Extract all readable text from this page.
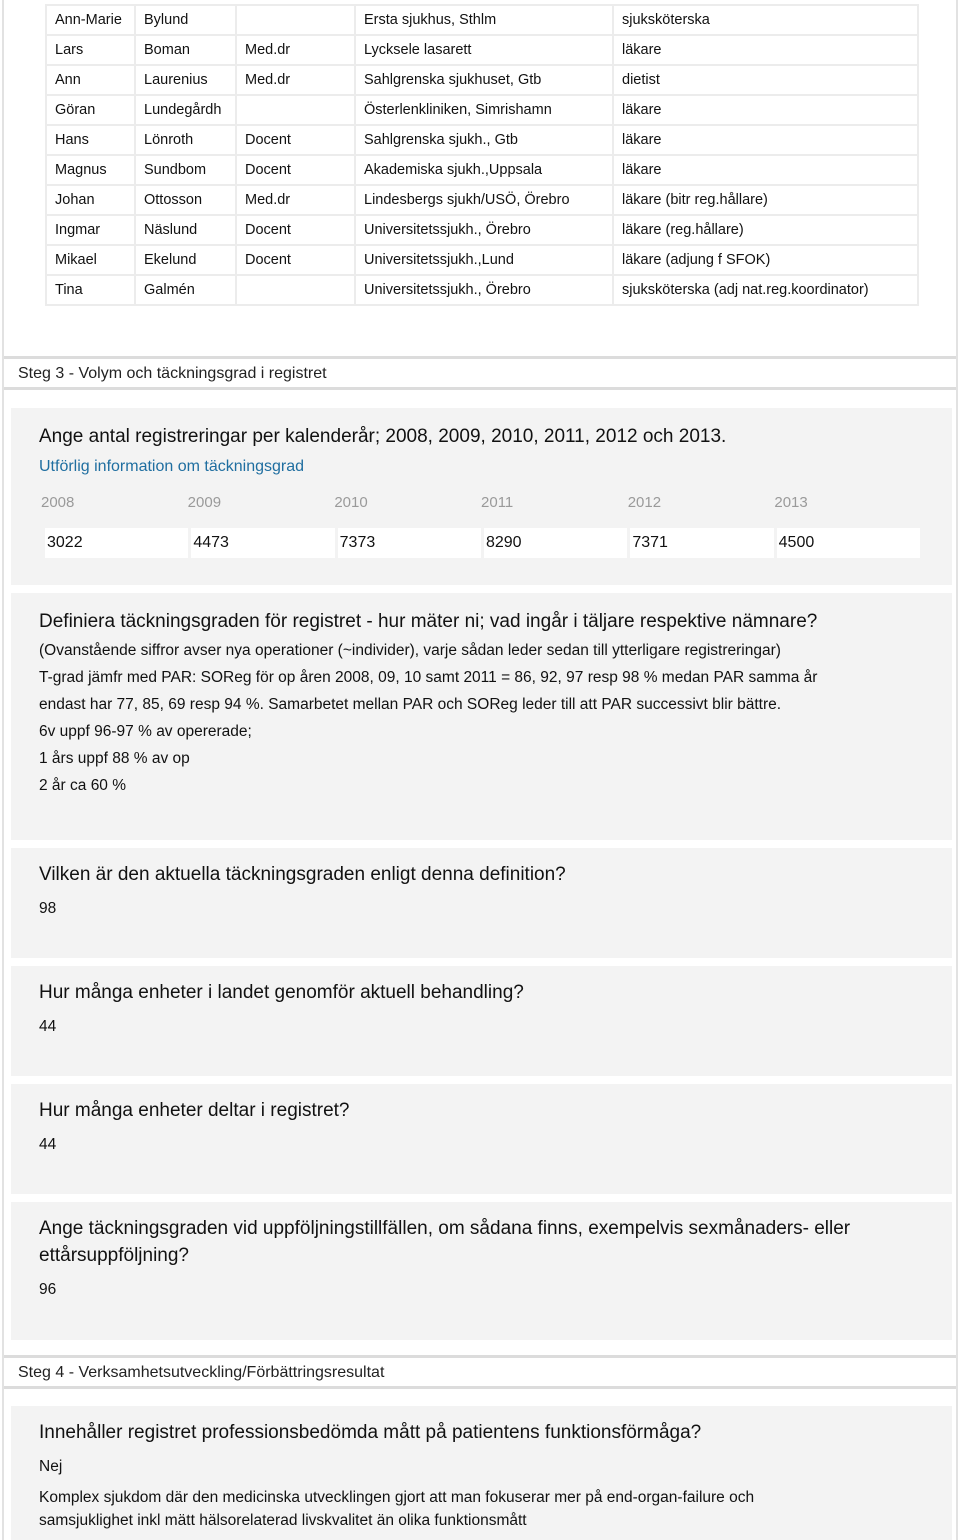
Ann-Marie	Bylund		Ersta sjukhus, Sthlm	sjuksköterska
Lars	Boman	Med.dr	Lycksele lasarett	läkare
Ann	Laurenius	Med.dr	Sahlgrenska sjukhuset, Gtb	dietist
Göran	Lundegårdh		Österlenkliniken, Simrishamn	läkare
Hans	Lönroth	Docent	Sahlgrenska sjukh., Gtb	läkare
Magnus	Sundbom	Docent	Akademiska sjukh.,Uppsala	läkare
Johan	Ottosson	Med.dr	Lindesbergs sjukh/USÖ, Örebro	läkare (bitr reg.hållare)
Ingmar	Näslund	Docent	Universitetssjukh., Örebro	läkare (reg.hållare)
Mikael	Ekelund	Docent	Universitetssjukh.,Lund	läkare (adjung f SFOK)
Tina	Galmén		Universitetssjukh., Örebro	sjuksköterska (adj nat.reg.koordinator)
Steg 3 - Volym och täckningsgrad i registret
Ange antal registreringar per kalenderår; 2008, 2009, 2010, 2011, 2012 och 2013.
Utförlig information om täckningsgrad
2008	2009	2010	2011	2012	2013
3022	4473	7373	8290	7371	4500
Definiera täckningsgraden för registret - hur mäter ni; vad ingår i täljare respektive nämnare?
(Ovanstående siffror avser nya operationer (~individer), varje sådan leder sedan till ytterligare registreringar)
T-grad jämfr med PAR: SOReg för op åren 2008, 09, 10 samt 2011 = 86, 92, 97 resp 98 % medan PAR samma år
endast har 77, 85, 69 resp 94 %. Samarbetet mellan PAR och SOReg leder till att PAR successivt blir bättre.
6v uppf 96-97 % av opererade;
1 års uppf 88 % av op
2 år ca 60 %
Vilken är den aktuella täckningsgraden enligt denna definition?
98
Hur många enheter i landet genomför aktuell behandling?
44
Hur många enheter deltar i registret?
44
Ange täckningsgraden vid uppföljningstillfällen, om sådana finns, exempelvis sexmånaders- eller
ettårsuppföljning?
96
Steg 4 - Verksamhetsutveckling/Förbättringsresultat
Innehåller registret professionsbedömda mått på patientens funktionsförmåga?
Nej
Komplex sjukdom där den medicinska utvecklingen gjort att man fokuserar mer på end-organ-failure och
samsjuklighet inkl mätt hälsorelaterad livskvalitet än olika funktionsmått
